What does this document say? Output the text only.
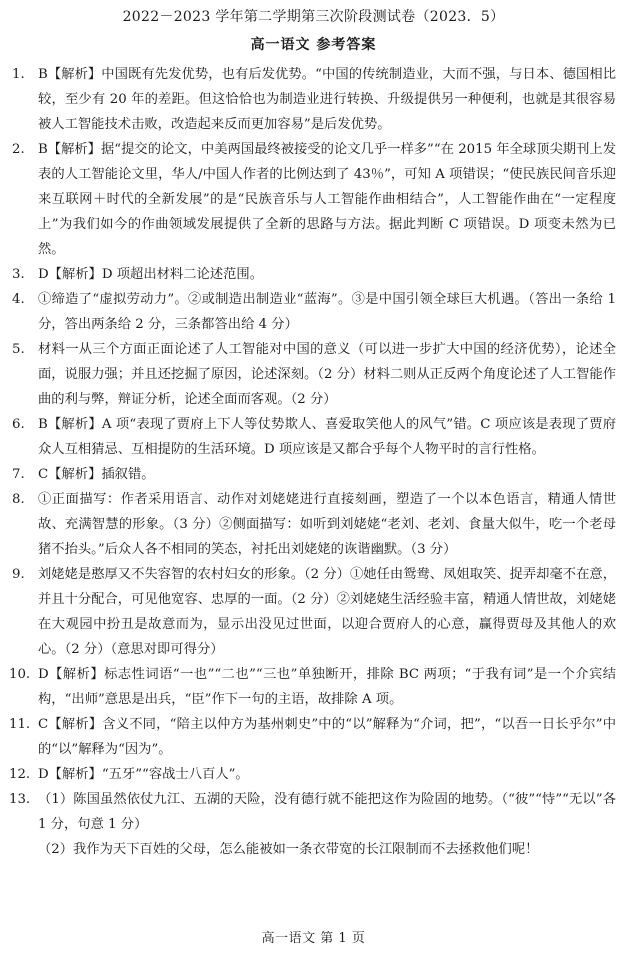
2022－2023 学年第二学期第三次阶段测试卷（2023．5）
高一语文 参考答案
1. B【解析】中国既有先发优势，也有后发优势。“中国的传统制造业，大而不强，与日本、德国相比较，至少有 20 年的差距。但这恰恰也为制造业进行转换、升级提供另一种便利，也就是其很容易被人工智能技术击败，改造起来反而更加容易”是后发优势。
2. B【解析】据“提交的论文，中美两国最终被接受的论文几乎一样多”“在 2015 年全球顶尖期刊上发表的人工智能论文里，华人/中国人作者的比例达到了 43％”，可知 A 项错误；“使民族民间音乐迎来互联网＋时代的全新发展”的是“民族音乐与人工智能作曲相结合”，人工智能作曲在“一定程度上”为我们如今的作曲领域发展提供了全新的思路与方法。据此判断 C 项错误。D 项变未然为已然。
3. D【解析】D 项超出材料二论述范围。
4. ①缔造了“虚拟劳动力”。②或制造出制造业“蓝海”。③是中国引领全球巨大机遇。（答出一条给 1 分，答出两条给 2 分，三条都答出给 4 分）
5. 材料一从三个方面正面论述了人工智能对中国的意义（可以进一步扩大中国的经济优势），论述全面，说服力强；并且还挖掘了原因，论述深刻。（2 分）材料二则从正反两个角度论述了人工智能作曲的利与弊，辩证分析，论述全面而客观。（2 分）
6. B【解析】A 项“表现了贾府上下人等仗势欺人、喜爱取笑他人的风气”错。C 项应该是表现了贾府众人互相猜忌、互相提防的生活环境。D 项应该是又都合乎每个人物平时的言行性格。
7. C【解析】插叙错。
8. ①正面描写：作者采用语言、动作对刘姥姥进行直接刻画，塑造了一个以本色语言，精通人情世故、充满智慧的形象。（3 分）②侧面描写：如听到刘姥姥“老刘、老刘、食量大似牛，吃一个老母猪不抬头。”后众人各不相同的笑态，衬托出刘姥姥的诙谐幽默。（3 分）
9. 刘姥姥是憨厚又不失容智的农村妇女的形象。（2 分）①她任由鸳鸯、凤姐取笑、捉弄却毫不在意，并且十分配合，可见他宽容、忠厚的一面。（2 分）②刘姥姥生活经验丰富，精通人情世故，刘姥姥在大观园中扮丑是故意而为，显示出没见过世面，以迎合贾府人的心意，赢得贾母及其他人的欢心。（2 分）（意思对即可得分）
10. D【解析】标志性词语“一也”“二也”“三也”单独断开，排除 BC 两项；“于我有词”是一个介宾结构，“出师”意思是出兵，“臣”作下一句的主语，故排除 A 项。
11. C【解析】含义不同，“陪主以仲方为基州刺史”中的“以”解释为“介词，把”，“以吾一日长乎尔”中的“以”解释为“因为”。
12. D【解析】“五牙”“容战士八百人”。
13. （1）陈国虽然依仗九江、五湖的天险，没有德行就不能把这作为险固的地势。（“彼”“恃”“无以”各 1 分，句意 1 分）
（2）我作为天下百姓的父母，怎么能被如一条衣带宽的长江限制而不去拯救他们呢！
高一语文 第 1 页
